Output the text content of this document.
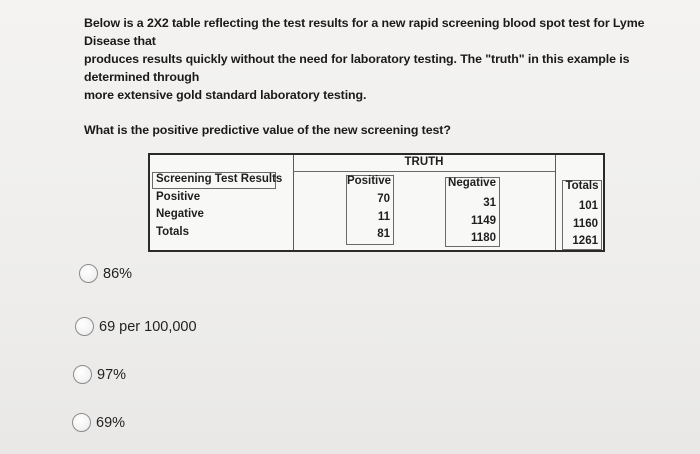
Below is a 2X2 table reflecting the test results for a new rapid screening blood spot test for Lyme Disease that

produces results quickly without the need for laboratory testing. The "truth" in this example is determined through

more extensive gold standard laboratory testing.

What is the positive predictive value of the new screening test?

TRUTH
Screening Test Results
Positive
Negative
Totals
Positive
70
11
81
Negative
31
1149
1180
Totals
101
1160
1261
86%
69 per 100,000
97%
69%
